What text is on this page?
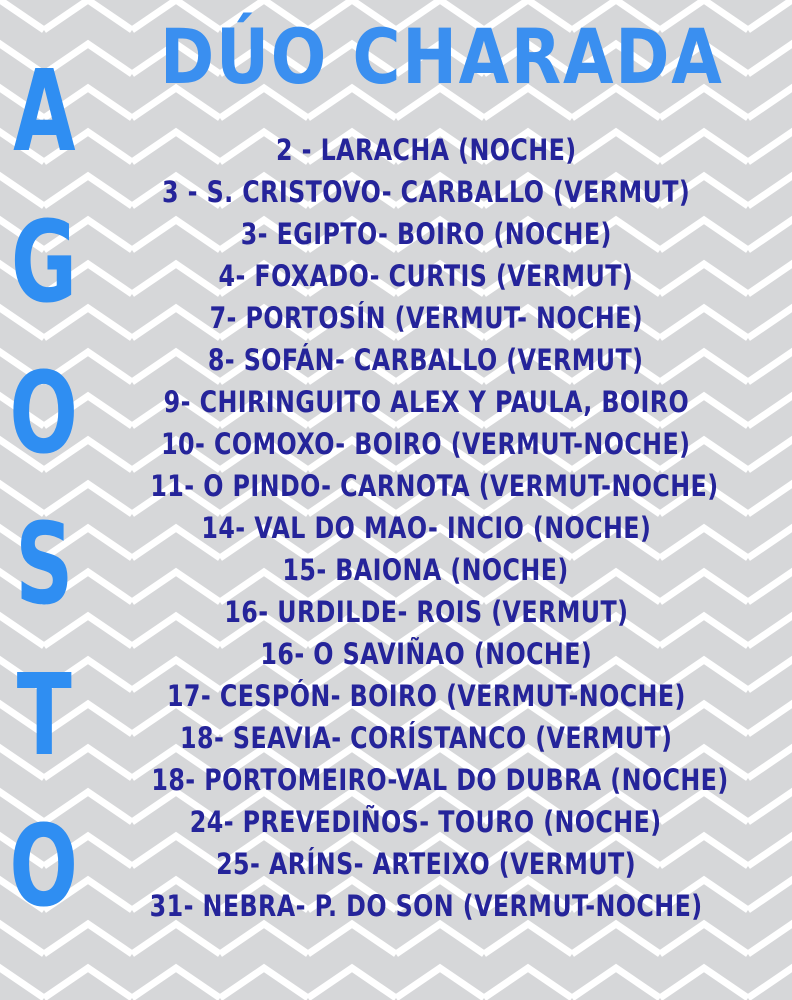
DÚO CHARADA
A
G
O
S
T
O
2 - LARACHA (NOCHE)
3 - S. CRISTOVO- CARBALLO (VERMUT)
3- EGIPTO- BOIRO (NOCHE)
4- FOXADO- CURTIS (VERMUT)
7- PORTOSÍN (VERMUT- NOCHE)
8- SOFÁN- CARBALLO (VERMUT)
9- CHIRINGUITO ALEX Y PAULA, BOIRO
10- COMOXO- BOIRO (VERMUT-NOCHE)
11- O PINDO- CARNOTA (VERMUT-NOCHE)
14- VAL DO MAO- INCIO (NOCHE)
15- BAIONA (NOCHE)
16- URDILDE- ROIS (VERMUT)
16- O SAVIÑAO (NOCHE)
17- CESPÓN- BOIRO (VERMUT-NOCHE)
18- SEAVIA- CORÍSTANCO (VERMUT)
18- PORTOMEIRO-VAL DO DUBRA (NOCHE)
24- PREVEDIÑOS- TOURO (NOCHE)
25- ARÍNS- ARTEIXO (VERMUT)
31- NEBRA- P. DO SON (VERMUT-NOCHE)
